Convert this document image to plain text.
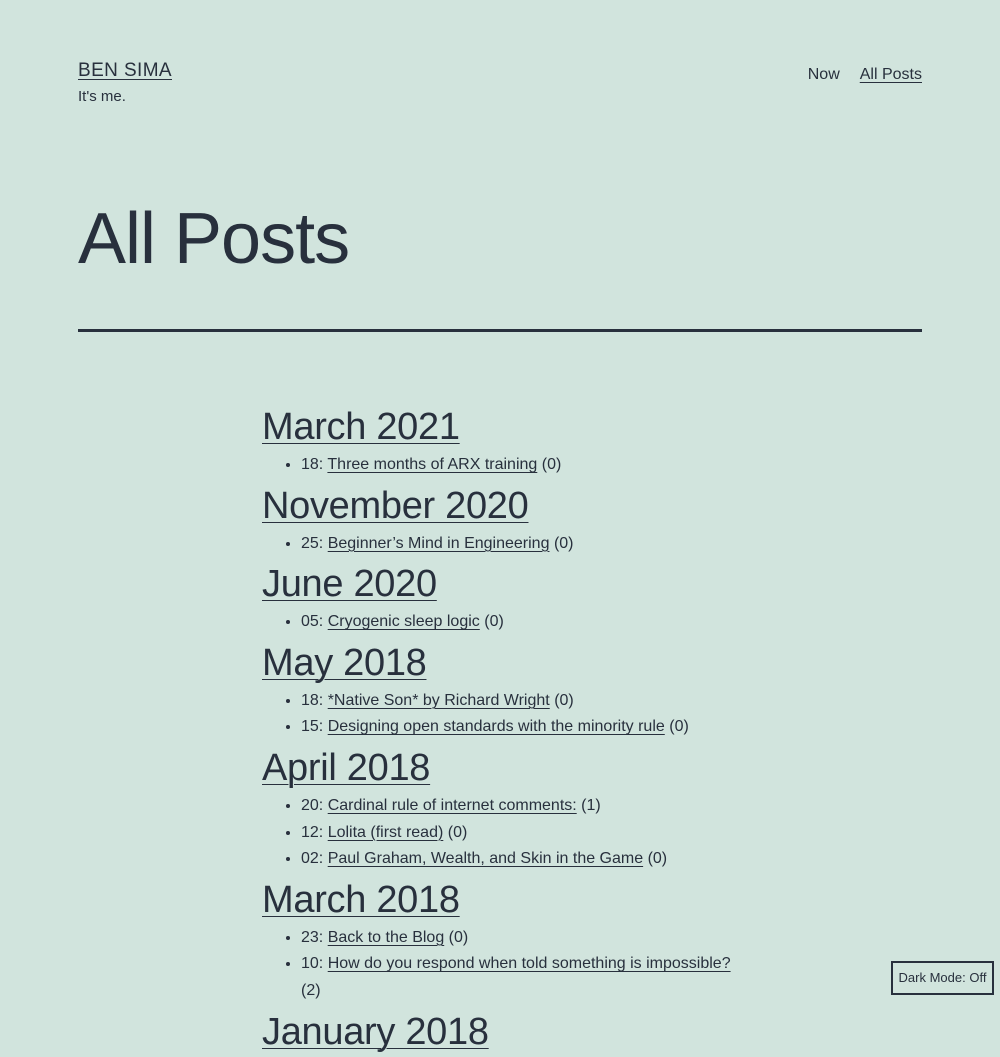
BEN SIMA
It's me.
Now All Posts
All Posts
March 2021
• 18: Three months of ARX training (0)
November 2020
• 25: Beginner’s Mind in Engineering (0)
June 2020
• 05: Cryogenic sleep logic (0)
May 2018
• 18: *Native Son* by Richard Wright (0)
• 15: Designing open standards with the minority rule (0)
April 2018
• 20: Cardinal rule of internet comments: (1)
• 12: Lolita (first read) (0)
• 02: Paul Graham, Wealth, and Skin in the Game (0)
March 2018
• 23: Back to the Blog (0)
• 10: How do you respond when told something is impossible? (2)
January 2018
Dark Mode: Off
